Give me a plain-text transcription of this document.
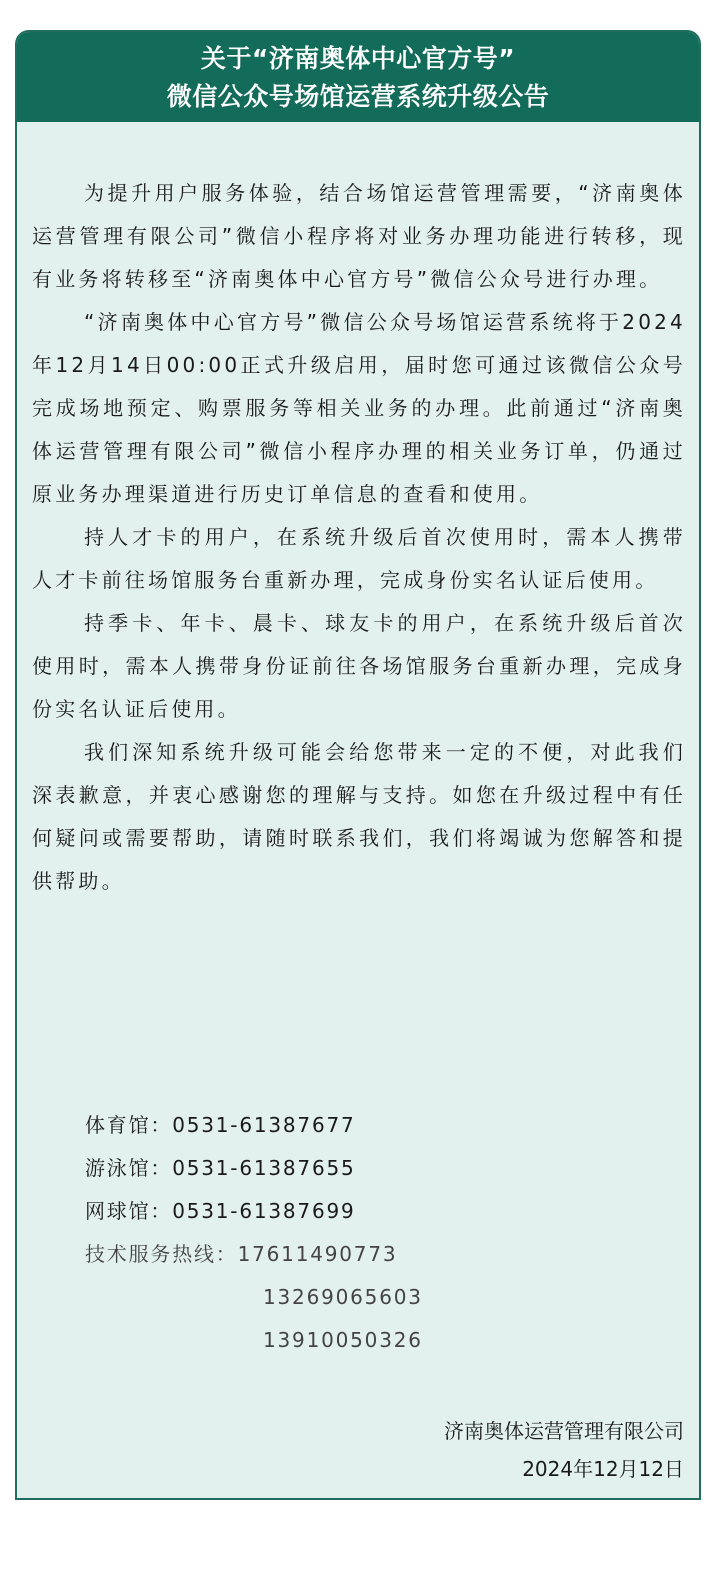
关于“济南奥体中心官方号”
微信公众号场馆运营系统升级公告

为提升用户服务体验，结合场馆运营管理需要，“济南奥体运营管理有限公司”微信小程序将对业务办理功能进行转移，现有业务将转移至“济南奥体中心官方号”微信公众号进行办理。

“济南奥体中心官方号”微信公众号场馆运营系统将于2024年12月14日00:00正式升级启用，届时您可通过该微信公众号完成场地预定、购票服务等相关业务的办理。此前通过“济南奥体运营管理有限公司”微信小程序办理的相关业务订单，仍通过原业务办理渠道进行历史订单信息的查看和使用。

持人才卡的用户，在系统升级后首次使用时，需本人携带人才卡前往场馆服务台重新办理，完成身份实名认证后使用。

持季卡、年卡、晨卡、球友卡的用户，在系统升级后首次使用时，需本人携带身份证前往各场馆服务台重新办理，完成身份实名认证后使用。

我们深知系统升级可能会给您带来一定的不便，对此我们深表歉意，并衷心感谢您的理解与支持。如您在升级过程中有任何疑问或需要帮助，请随时联系我们，我们将竭诚为您解答和提供帮助。

体育馆：0531-61387677
游泳馆：0531-61387655
网球馆：0531-61387699
技术服务热线：17611490773
13269065603
13910050326
济南奥体运营管理有限公司
2024年12月12日
